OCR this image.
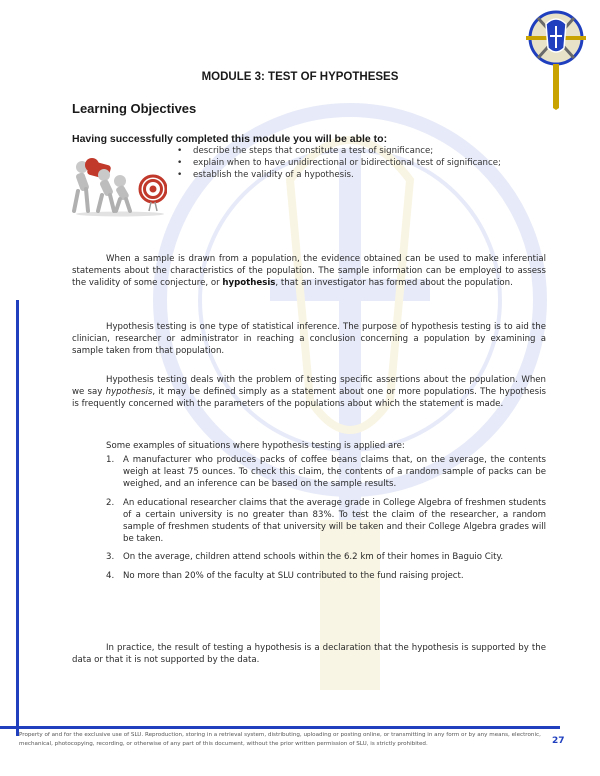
MODULE 3: TEST OF HYPOTHESES
Learning Objectives

Having successfully completed this module you will be able to:

• describe the steps that constitute a test of significance;
• explain when to have unidirectional or bidirectional test of significance;
• establish the validity of a hypothesis.

When a sample is drawn from a population, the evidence obtained can be used to make inferential statements about the characteristics of the population. The sample information can be employed to assess the validity of some conjecture, or hypothesis, that an investigator has formed about the population.

Hypothesis testing is one type of statistical inference. The purpose of hypothesis testing is to aid the clinician, researcher or administrator in reaching a conclusion concerning a population by examining a sample taken from that population.

Hypothesis testing deals with the problem of testing specific assertions about the population. When we say hypothesis, it may be defined simply as a statement about one or more populations. The hypothesis is frequently concerned with the parameters of the populations about which the statement is made.

Some examples of situations where hypothesis testing is applied are:

1. A manufacturer who produces packs of coffee beans claims that, on the average, the contents weigh at least 75 ounces. To check this claim, the contents of a random sample of packs can be weighed, and an inference can be based on the sample results.
2. An educational researcher claims that the average grade in College Algebra of freshmen students of a certain university is no greater than 83%. To test the claim of the researcher, a random sample of freshmen students of that university will be taken and their College Algebra grades will be taken.
3. On the average, children attend schools within the 6.2 km of their homes in Baguio City.
4. No more than 20% of the faculty at SLU contributed to the fund raising project.

In practice, the result of testing a hypothesis is a declaration that the hypothesis is supported by the data or that it is not supported by the data.

Property of and for the exclusive use of SLU. Reproduction, storing in a retrieval system, distributing, uploading or posting online, or transmitting in any form or by any means, electronic, mechanical, photocopying, recording, or otherwise of any part of this document, without the prior written permission of SLU, is strictly prohibited.	27
